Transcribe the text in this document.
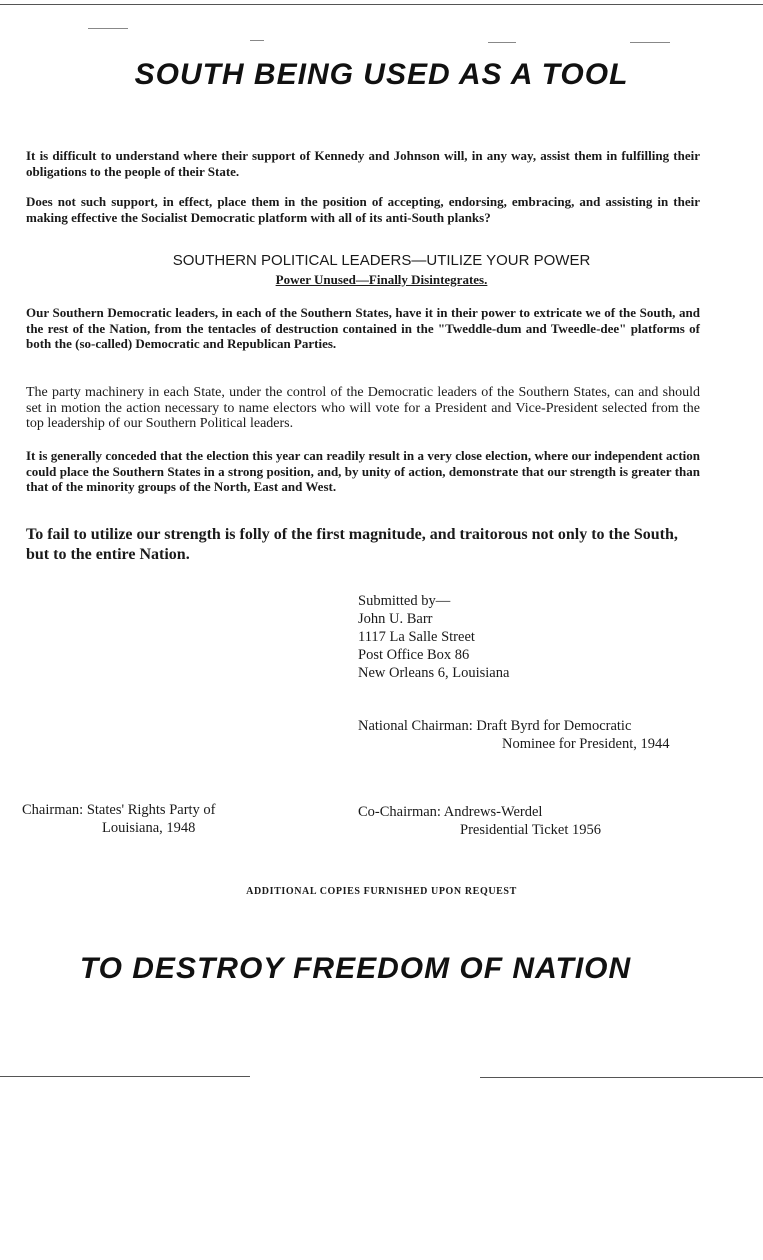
SOUTH BEING USED AS A TOOL

It is difficult to understand where their support of Kennedy and Johnson will, in any way, assist them in fulfilling their obligations to the people of their State.

Does not such support, in effect, place them in the position of accepting, endorsing, embracing, and assisting in their making effective the Socialist Democratic platform with all of its anti-South planks?

SOUTHERN POLITICAL LEADERS—UTILIZE YOUR POWER
Power Unused—Finally Disintegrates.

Our Southern Democratic leaders, in each of the Southern States, have it in their power to extricate we of the South, and the rest of the Nation, from the tentacles of destruction contained in the "Tweddle-dum and Tweedle-dee" platforms of both the (so-called) Democratic and Republican Parties.

The party machinery in each State, under the control of the Democratic leaders of the Southern States, can and should set in motion the action necessary to name electors who will vote for a President and Vice-President selected from the top leadership of our Southern Political leaders.

It is generally conceded that the election this year can readily result in a very close election, where our independent action could place the Southern States in a strong position, and, by unity of action, demonstrate that our strength is greater than that of the minority groups of the North, East and West.

To fail to utilize our strength is folly of the first magnitude, and traitorous not only to the South, but to the entire Nation.

Submitted by—
John U. Barr
1117 La Salle Street
Post Office Box 86
New Orleans 6, Louisiana
National Chairman: Draft Byrd for Democratic
Nominee for President, 1944
Chairman: States' Rights Party of
Louisiana, 1948
Co-Chairman: Andrews-Werdel
Presidential Ticket 1956
ADDITIONAL COPIES FURNISHED UPON REQUEST
TO DESTROY FREEDOM OF NATION
